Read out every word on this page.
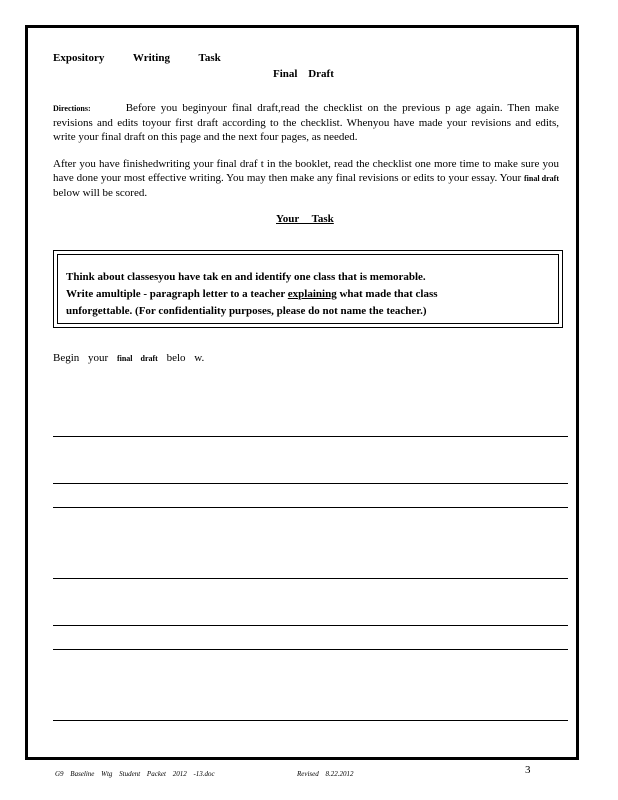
Expository Writing Task
Final Draft
Directions:	Before you beginyour final draft,read the checklist on the previous p age again. Then make revisions and edits toyour first draft according to the checklist. Whenyou have made your revisions and edits, write your final draft on this page and the next four pages, as needed.
After you have finishedwriting your final draf t in the booklet, read the checklist one more time to make sure you have done your most effective writing. You may then make any final revisions or edits to your essay. Your final draft below will be scored.
Your Task
Think about classesyou have tak en and identify one class that is memorable.
Write amultiple - paragraph letter to a teacher explaining what made that class
unforgettable. (For confidentiality purposes, please do not name the teacher.)
Begin your final draft belo w.
G9 Baseline Wtg Student Packet 2012 -13.doc	Revised 8.22.2012	3
